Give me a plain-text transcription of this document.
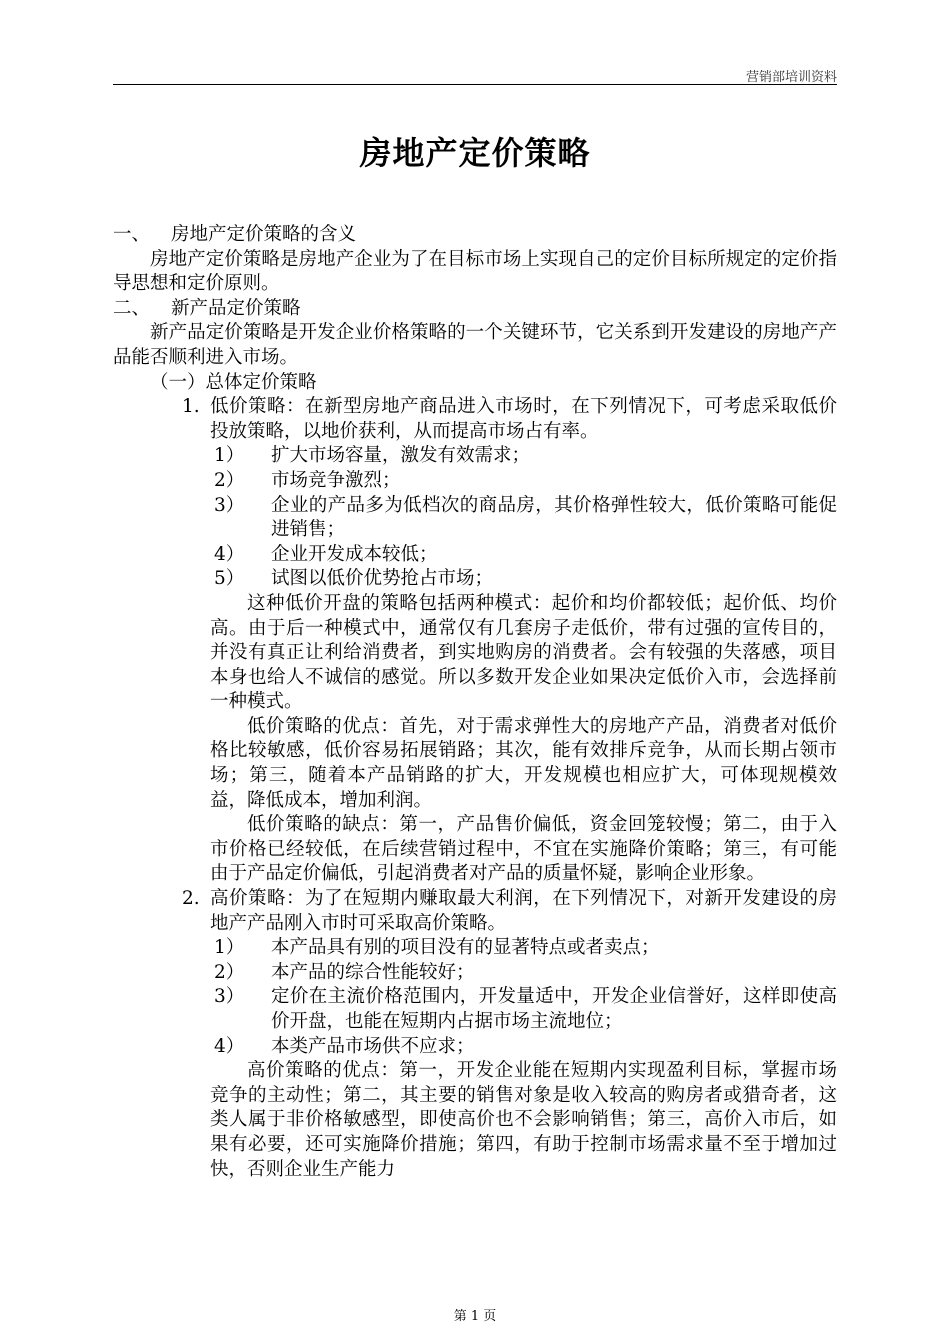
营销部培训资料
房地产定价策略
一、 房地产定价策略的含义

房地产定价策略是房地产企业为了在目标市场上实现自己的定价目标所规定的定价指导思想和定价原则。

二、 新产品定价策略

新产品定价策略是开发企业价格策略的一个关键环节，它关系到开发建设的房地产产品能否顺利进入市场。

（一）总体定价策略
1. 低价策略：在新型房地产商品进入市场时，在下列情况下，可考虑采取低价投放策略，以地价获利，从而提高市场占有率。
1）	扩大市场容量，激发有效需求；
2）	市场竞争激烈；
3）	企业的产品多为低档次的商品房，其价格弹性较大，低价策略可能促进销售；
4）	企业开发成本较低；
5）	试图以低价优势抢占市场；

这种低价开盘的策略包括两种模式：起价和均价都较低；起价低、均价高。由于后一种模式中，通常仅有几套房子走低价，带有过强的宣传目的，并没有真正让利给消费者，到实地购房的消费者。会有较强的失落感，项目本身也给人不诚信的感觉。所以多数开发企业如果决定低价入市，会选择前一种模式。

低价策略的优点：首先，对于需求弹性大的房地产产品，消费者对低价格比较敏感，低价容易拓展销路；其次，能有效排斥竞争，从而长期占领市场；第三，随着本产品销路的扩大，开发规模也相应扩大，可体现规模效益，降低成本，增加利润。

低价策略的缺点：第一，产品售价偏低，资金回笼较慢；第二，由于入市价格已经较低，在后续营销过程中，不宜在实施降价策略；第三，有可能由于产品定价偏低，引起消费者对产品的质量怀疑，影响企业形象。

2. 高价策略：为了在短期内赚取最大利润，在下列情况下，对新开发建设的房地产产品刚入市时可采取高价策略。
1）	本产品具有别的项目没有的显著特点或者卖点；
2）	本产品的综合性能较好；
3）	定价在主流价格范围内，开发量适中，开发企业信誉好，这样即使高价开盘，也能在短期内占据市场主流地位；
4）	本类产品市场供不应求；

高价策略的优点：第一，开发企业能在短期内实现盈利目标，掌握市场竞争的主动性；第二，其主要的销售对象是收入较高的购房者或猎奇者，这类人属于非价格敏感型，即使高价也不会影响销售；第三，高价入市后，如果有必要，还可实施降价措施；第四，有助于控制市场需求量不至于增加过快，否则企业生产能力

第 1 页
